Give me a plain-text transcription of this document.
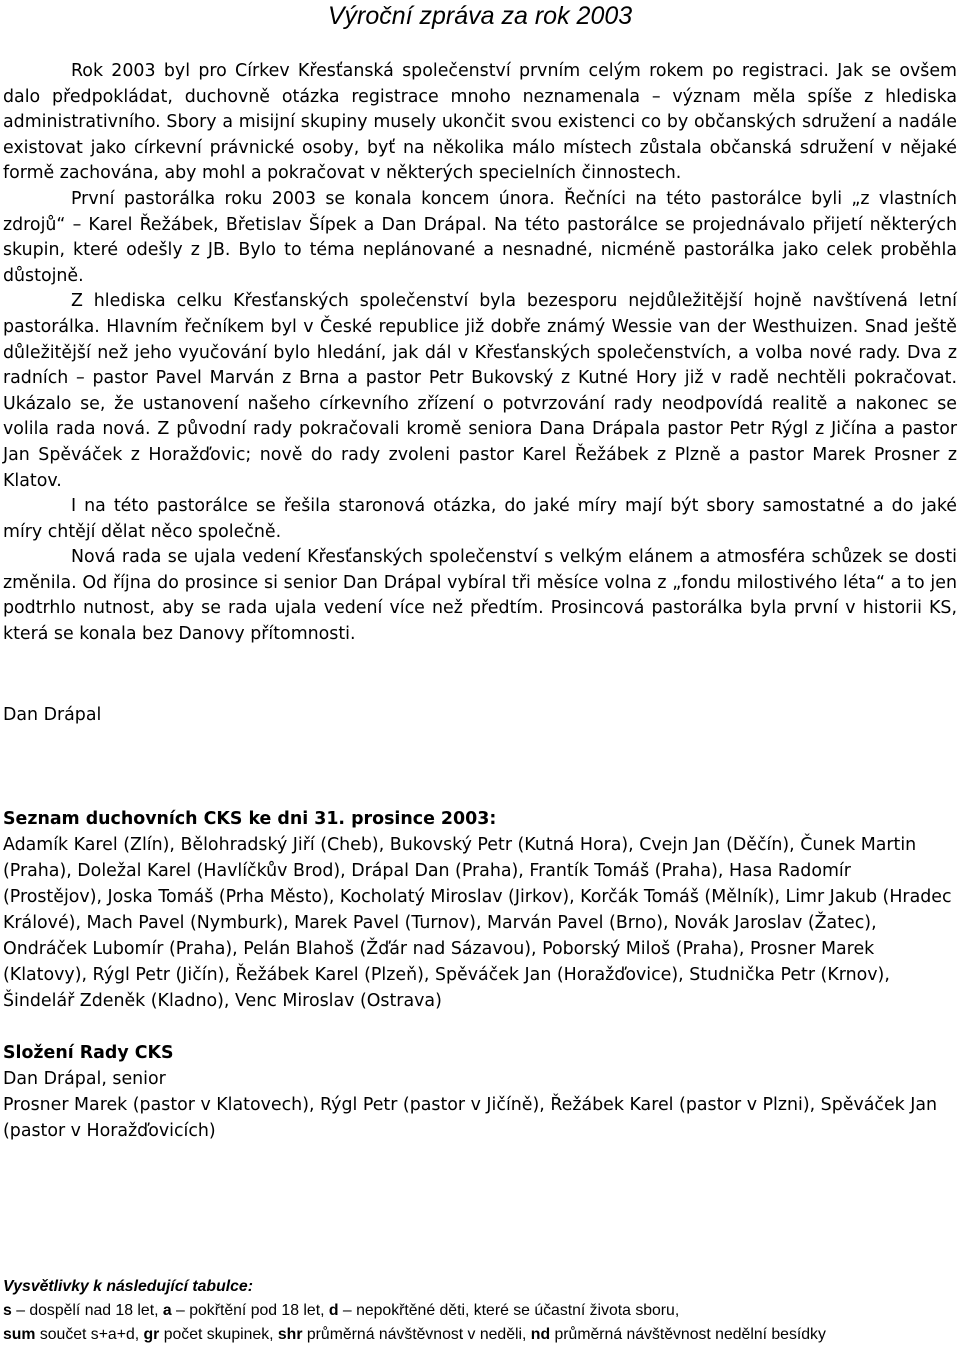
Výroční zpráva za rok 2003

Rok 2003 byl pro Církev Křesťanská společenství prvním celým rokem po registraci. Jak se ovšem dalo předpokládat, duchovně otázka registrace mnoho neznamenala – význam měla spíše z hlediska administrativního. Sbory a misijní skupiny musely ukončit svou existenci co by občanských sdružení a nadále existovat jako církevní právnické osoby, byť na několika málo místech zůstala občanská sdružení v nějaké formě zachována, aby mohl a pokračovat v některých specielních činnostech.

První pastorálka roku 2003 se konala koncem února. Řečníci na této pastorálce byli „z vlastních zdrojů“ – Karel Řežábek, Břetislav Šípek a Dan Drápal. Na této pastorálce se projednávalo přijetí některých skupin, které odešly z JB. Bylo to téma neplánované a nesnadné, nicméně pastorálka jako celek proběhla důstojně.

Z hlediska celku Křesťanských společenství byla bezesporu nejdůležitější hojně navštívená letní pastorálka. Hlavním řečníkem byl v České republice již dobře známý Wessie van der Westhuizen. Snad ještě důležitější než jeho vyučování bylo hledání, jak dál v Křesťanských společenstvích, a volba nové rady. Dva z radních – pastor Pavel Marván z Brna a pastor Petr Bukovský z Kutné Hory již v radě nechtěli pokračovat. Ukázalo se, že ustanovení našeho církevního zřízení o potvrzování rady neodpovídá realitě a nakonec se volila rada nová. Z původní rady pokračovali kromě seniora Dana Drápala pastor Petr Rýgl z Jičína a pastor Jan Spěváček z Horažďovic; nově do rady zvoleni pastor Karel Řežábek z Plzně a pastor Marek Prosner z Klatov.

I na této pastorálce se řešila staronová otázka, do jaké míry mají být sbory samostatné a do jaké míry chtějí dělat něco společně.

Nová rada se ujala vedení Křesťanských společenství s velkým elánem a atmosféra schůzek se dosti změnila. Od října do prosince si senior Dan Drápal vybíral tři měsíce volna z „fondu milostivého léta“ a to jen podtrhlo nutnost, aby se rada ujala vedení více než předtím. Prosincová pastorálka byla první v historii KS, která se konala bez Danovy přítomnosti.

Dan Drápal
Seznam duchovních CKS ke dni 31. prosince 2003:

Adamík Karel (Zlín), Bělohradský Jiří (Cheb), Bukovský Petr (Kutná Hora), Cvejn Jan (Děčín), Čunek Martin (Praha), Doležal Karel (Havlíčkův Brod), Drápal Dan (Praha), Frantík Tomáš (Praha), Hasa Radomír (Prostějov), Joska Tomáš (Prha Město), Kocholatý Miroslav (Jirkov), Korčák Tomáš (Mělník), Limr Jakub (Hradec Králové), Mach Pavel (Nymburk), Marek Pavel (Turnov), Marván Pavel (Brno), Novák Jaroslav (Žatec), Ondráček Lubomír (Praha), Pelán Blahoš (Žďár nad Sázavou), Poborský Miloš (Praha), Prosner Marek (Klatovy), Rýgl Petr (Jičín), Řežábek Karel (Plzeň), Spěváček Jan (Horažďovice), Studnička Petr (Krnov), Šindelář Zdeněk (Kladno), Venc Miroslav (Ostrava)

Složení Rady CKS

Dan Drápal, senior

Prosner Marek (pastor v Klatovech), Rýgl Petr (pastor v Jičíně), Řežábek Karel (pastor v Plzni), Spěváček Jan (pastor v Horažďovicích)

Vysvětlivky k následující tabulce:

s – dospělí nad 18 let, a – pokřtění pod 18 let, d – nepokřtěné děti, které se účastní života sboru,

sum součet s+a+d, gr počet skupinek, shr průměrná návštěvnost v neděli, nd průměrná návštěvnost nedělní besídky
